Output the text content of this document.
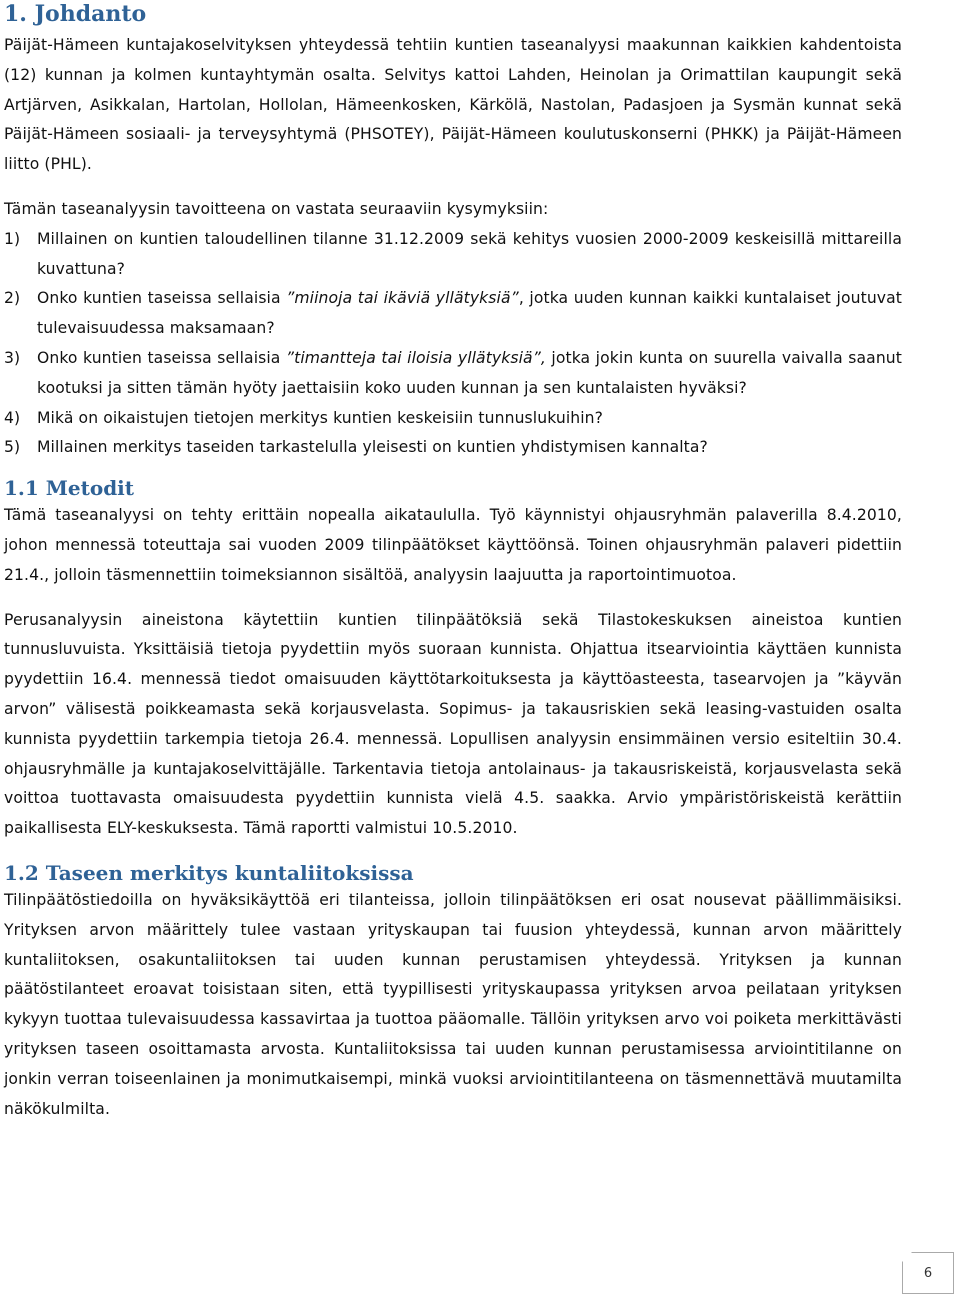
1. Johdanto

Päijät-Hämeen kuntajakoselvityksen yhteydessä tehtiin kuntien taseanalyysi maakunnan kaikkien kahdentoista (12) kunnan ja kolmen kuntayhtymän osalta. Selvitys kattoi Lahden, Heinolan ja Orimattilan kaupungit sekä Artjärven, Asikkalan, Hartolan, Hollolan, Hämeenkosken, Kärkölä, Nastolan, Padasjoen ja Sysmän kunnat sekä Päijät-Hämeen sosiaali- ja terveysyhtymä (PHSOTEY), Päijät-Hämeen koulutuskonserni (PHKK) ja Päijät-Hämeen liitto (PHL).

Tämän taseanalyysin tavoitteena on vastata seuraaviin kysymyksiin:

1) Millainen on kuntien taloudellinen tilanne 31.12.2009 sekä kehitys vuosien 2000-2009 keskeisillä mittareilla kuvattuna?
2) Onko kuntien taseissa sellaisia ”miinoja tai ikäviä yllätyksiä”, jotka uuden kunnan kaikki kuntalaiset joutuvat tulevaisuudessa maksamaan?
3) Onko kuntien taseissa sellaisia ”timantteja tai iloisia yllätyksiä”, jotka jokin kunta on suurella vaivalla saanut kootuksi ja sitten tämän hyöty jaettaisiin koko uuden kunnan ja sen kuntalaisten hyväksi?
4) Mikä on oikaistujen tietojen merkitys kuntien keskeisiin tunnuslukuihin?
5) Millainen merkitys taseiden tarkastelulla yleisesti on kuntien yhdistymisen kannalta?
1.1 Metodit

Tämä taseanalyysi on tehty erittäin nopealla aikataululla. Työ käynnistyi ohjausryhmän palaverilla 8.4.2010, johon mennessä toteuttaja sai vuoden 2009 tilinpäätökset käyttöönsä. Toinen ohjausryhmän palaveri pidettiin 21.4., jolloin täsmennettiin toimeksiannon sisältöä, analyysin laajuutta ja raportointimuotoa.

Perusanalyysin aineistona käytettiin kuntien tilinpäätöksiä sekä Tilastokeskuksen aineistoa kuntien tunnusluvuista. Yksittäisiä tietoja pyydettiin myös suoraan kunnista. Ohjattua itsearviointia käyttäen kunnista pyydettiin 16.4. mennessä tiedot omaisuuden käyttötarkoituksesta ja käyttöasteesta, tasearvojen ja ”käyvän arvon” välisestä poikkeamasta sekä korjausvelasta. Sopimus- ja takausriskien sekä leasing-vastuiden osalta kunnista pyydettiin tarkempia tietoja 26.4. mennessä. Lopullisen analyysin ensimmäinen versio esiteltiin 30.4. ohjausryhmälle ja kuntajakoselvittäjälle. Tarkentavia tietoja antolainaus- ja takausriskeistä, korjausvelasta sekä voittoa tuottavasta omaisuudesta pyydettiin kunnista vielä 4.5. saakka. Arvio ympäristöriskeistä kerättiin paikallisesta ELY-keskuksesta. Tämä raportti valmistui 10.5.2010.

1.2 Taseen merkitys kuntaliitoksissa

Tilinpäätöstiedoilla on hyväksikäyttöä eri tilanteissa, jolloin tilinpäätöksen eri osat nousevat päällimmäisiksi. Yrityksen arvon määrittely tulee vastaan yrityskaupan tai fuusion yhteydessä, kunnan arvon määrittely kuntaliitoksen, osakuntaliitoksen tai uuden kunnan perustamisen yhteydessä. Yrityksen ja kunnan päätöstilanteet eroavat toisistaan siten, että tyypillisesti yrityskaupassa yrityksen arvoa peilataan yrityksen kykyyn tuottaa tulevaisuudessa kassavirtaa ja tuottoa pääomalle. Tällöin yrityksen arvo voi poiketa merkittävästi yrityksen taseen osoittamasta arvosta. Kuntaliitoksissa tai uuden kunnan perustamisessa arviointitilanne on jonkin verran toiseenlainen ja monimutkaisempi, minkä vuoksi arviointitilanteena on täsmennettävä muutamilta näkökulmilta.

6
